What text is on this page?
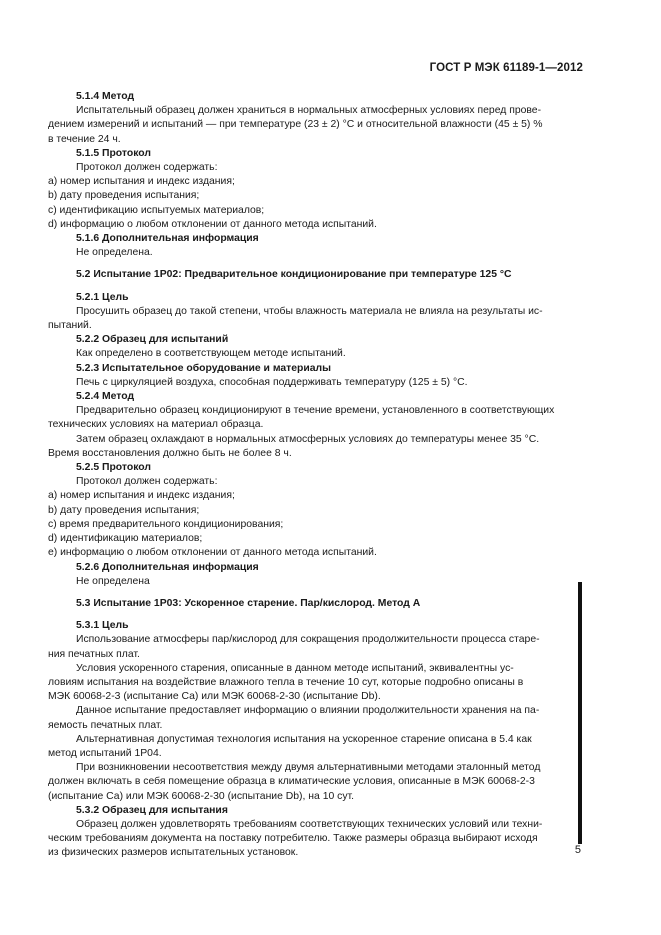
ГОСТ Р МЭК 61189-1—2012
5.1.4 Метод
Испытательный образец должен храниться в нормальных атмосферных условиях перед прове-
дением измерений и испытаний — при температуре (23 ± 2) °С и относительной влажности (45 ± 5) %
в течение 24 ч.
5.1.5 Протокол
Протокол должен содержать:
a) номер испытания и индекс издания;
b) дату проведения испытания;
c) идентификацию испытуемых материалов;
d) информацию о любом отклонении от данного метода испытаний.
5.1.6 Дополнительная информация
Не определена.
5.2 Испытание 1Р02: Предварительное кондиционирование при температуре 125 °С
5.2.1 Цель
Просушить образец до такой степени, чтобы влажность материала не влияла на результаты ис-
пытаний.
5.2.2 Образец для испытаний
Как определено в соответствующем методе испытаний.
5.2.3 Испытательное оборудование и материалы
Печь с циркуляцией воздуха, способная поддерживать температуру (125 ± 5) °С.
5.2.4 Метод
Предварительно образец кондиционируют в течение времени, установленного в соответствующих
технических условиях на материал образца.
Затем образец охлаждают в нормальных атмосферных условиях до температуры менее 35 °С.
Время восстановления должно быть не более 8 ч.
5.2.5 Протокол
Протокол должен содержать:
a) номер испытания и индекс издания;
b) дату проведения испытания;
c) время предварительного кондиционирования;
d) идентификацию материалов;
e) информацию о любом отклонении от данного метода испытаний.
5.2.6 Дополнительная информация
Не определена
5.3 Испытание 1Р03: Ускоренное старение. Пар/кислород. Метод А
5.3.1 Цель
Использование атмосферы пар/кислород для сокращения продолжительности процесса старе-
ния печатных плат.
Условия ускоренного старения, описанные в данном методе испытаний, эквивалентны ус-
ловиям испытания на воздействие влажного тепла в течение 10 сут, которые подробно описаны в
МЭК 60068-2-3 (испытание Са) или МЭК 60068-2-30 (испытание Db).
Данное испытание предоставляет информацию о влиянии продолжительности хранения на па-
яемость печатных плат.
Альтернативная допустимая технология испытания на ускоренное старение описана в 5.4 как
метод испытаний 1Р04.
При возникновении несоответствия между двумя альтернативными методами эталонный метод
должен включать в себя помещение образца в климатические условия, описанные в МЭК 60068-2-3
(испытание Са) или МЭК 60068-2-30 (испытание Db), на 10 сут.
5.3.2 Образец для испытания
Образец должен удовлетворять требованиям соответствующих технических условий или техни-
ческим требованиям документа на поставку потребителю. Также размеры образца выбирают исходя
из физических размеров испытательных установок.	5
